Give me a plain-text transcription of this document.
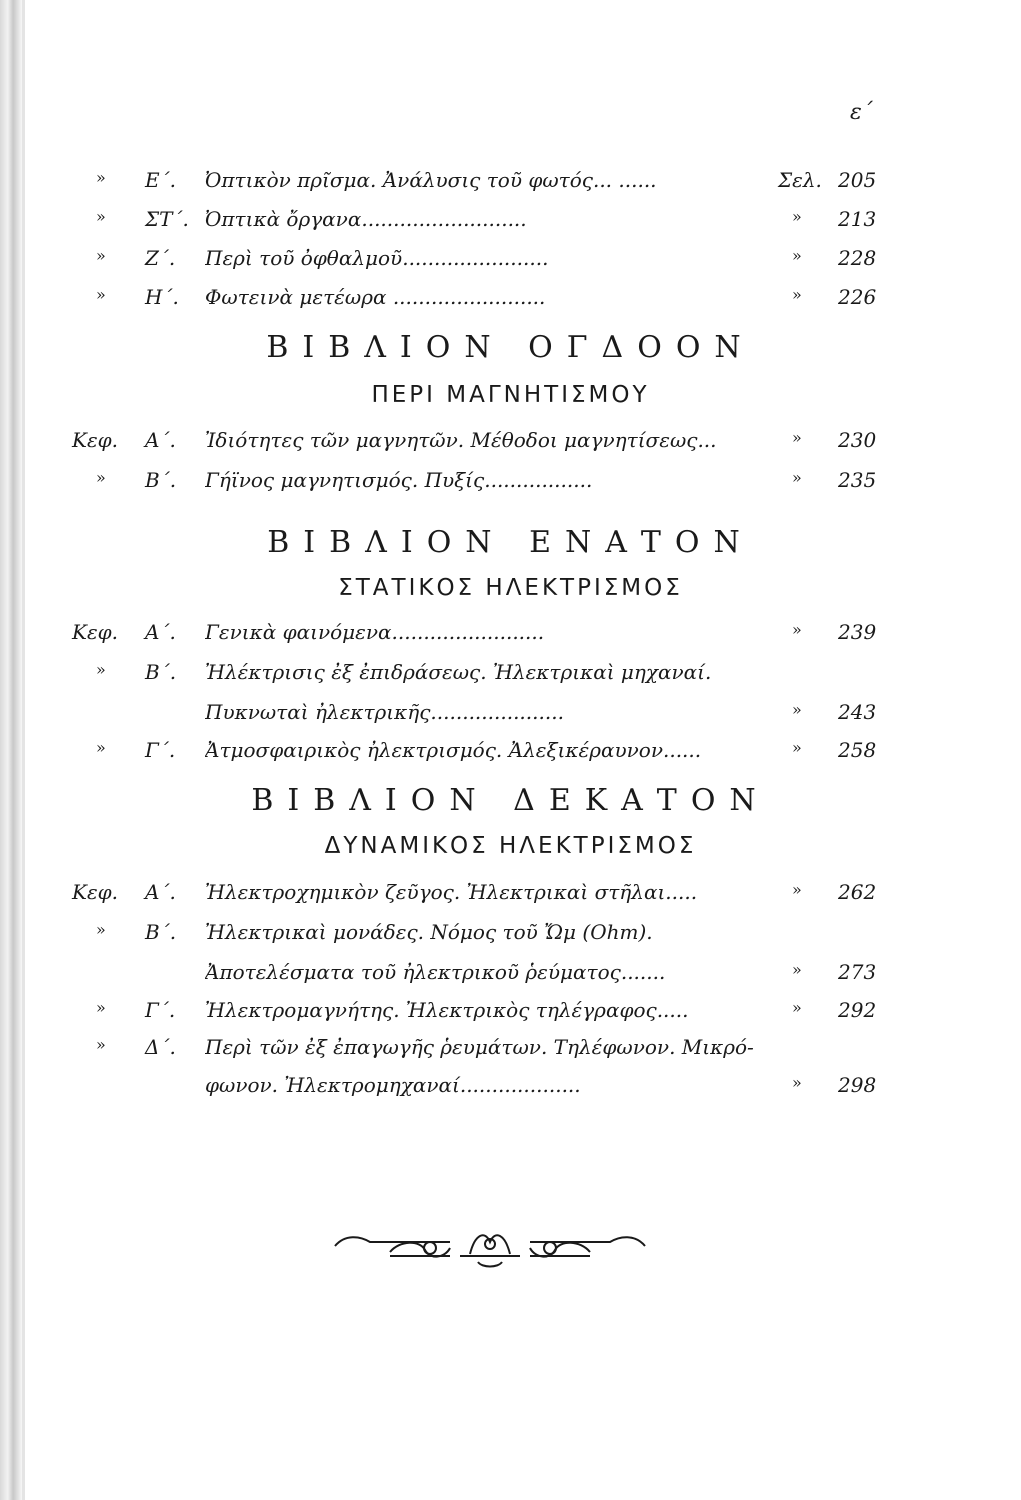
ε΄
» Ε΄. Ὀπτικὸν πρῖσμα. Ἀνάλυσις τοῦ φωτός... ......	Σελ. 205
» ΣΤ΄. Ὀπτικὰ ὄργανα..........................	» 213
» Ζ΄. Περὶ τοῦ ὀφθαλμοῦ.......................	» 228
» Η΄. Φωτεινὰ μετέωρα ........................	» 226
ΒΙΒΛΙΟΝ ΟΓΔΟΟΝ
ΠΕΡΙ ΜΑΓΝΗΤΙΣΜΟΥ
Κεφ. Α΄. Ἰδιότητες τῶν μαγνητῶν. Μέθοδοι μαγνητίσεως...	» 230
» Β΄. Γήϊνος μαγνητισμός. Πυξίς.................	» 235
ΒΙΒΛΙΟΝ ΕΝΑΤΟΝ
ΣΤΑΤΙΚΟΣ ΗΛΕΚΤΡΙΣΜΟΣ
Κεφ. Α΄. Γενικὰ φαινόμενα........................	» 239
» Β΄. Ἠλέκτρισις ἐξ ἐπιδράσεως. Ἠλεκτρικαὶ μηχαναί.
Πυκνωταὶ ἠλεκτρικῆς.....................	» 243
» Γ΄. Ἀτμοσφαιρικὸς ἠλεκτρισμός. Ἀλεξικέραυνον......	» 258
ΒΙΒΛΙΟΝ ΔΕΚΑΤΟΝ
ΔΥΝΑΜΙΚΟΣ ΗΛΕΚΤΡΙΣΜΟΣ
Κεφ. Α΄. Ἠλεκτροχημικὸν ζεῦγος. Ἠλεκτρικαὶ στῆλαι.....	» 262
» Β΄. Ἠλεκτρικαὶ μονάδες. Νόμος τοῦ Ὤμ (Ohm).
Ἀποτελέσματα τοῦ ἠλεκτρικοῦ ῥεύματος.......	» 273
» Γ΄. Ἠλεκτρομαγνήτης. Ἠλεκτρικὸς τηλέγραφος.....	» 292
» Δ΄. Περὶ τῶν ἐξ ἐπαγωγῆς ῥευμάτων. Τηλέφωνον. Μικρό-
φωνον. Ἠλεκτρομηχαναί...................	» 298
